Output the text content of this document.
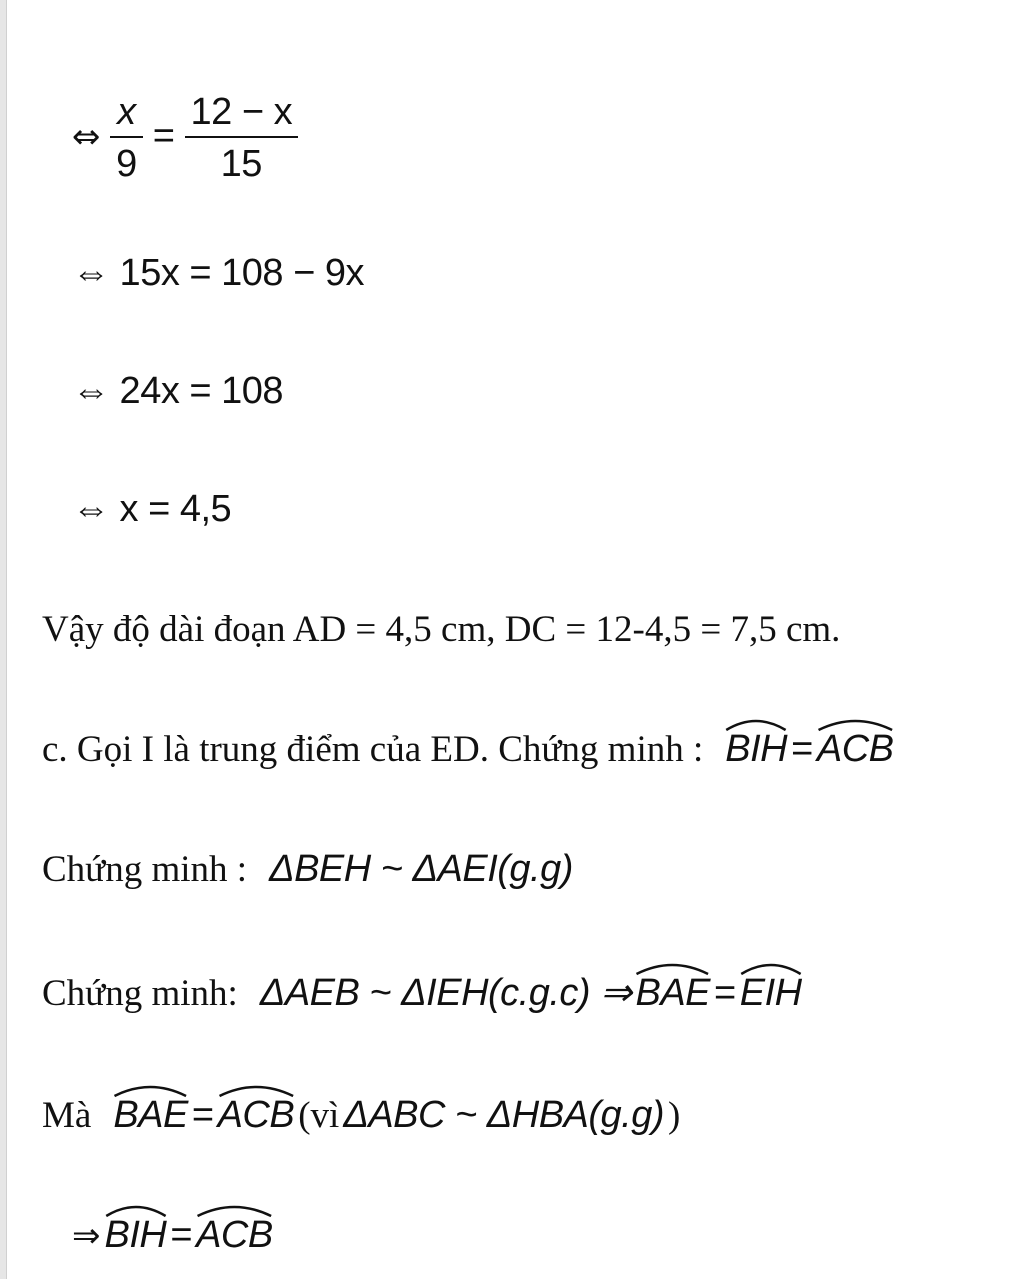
⇔ $\frac{x}{9} = \frac{12 - x}{15}$
⇔ 15x = 108 − 9x
⇔ 24x = 108
⇔ x = 4,5
Vậy độ dài đoạn AD = 4,5 cm, DC = 12-4,5 = 7,5 cm.
c. Gọi I là trung điểm của ED. Chứng minh : BIH = ACB
Chứng minh : ΔBEH ~ ΔAEI(g.g)
Chứng minh: ΔAEB ~ ΔIEH(c.g.c) ⇒ BAE = EIH
Mà BAE = ACB (vì ΔABC ~ ΔHBA(g.g) )
⇒ BIH = ACB
